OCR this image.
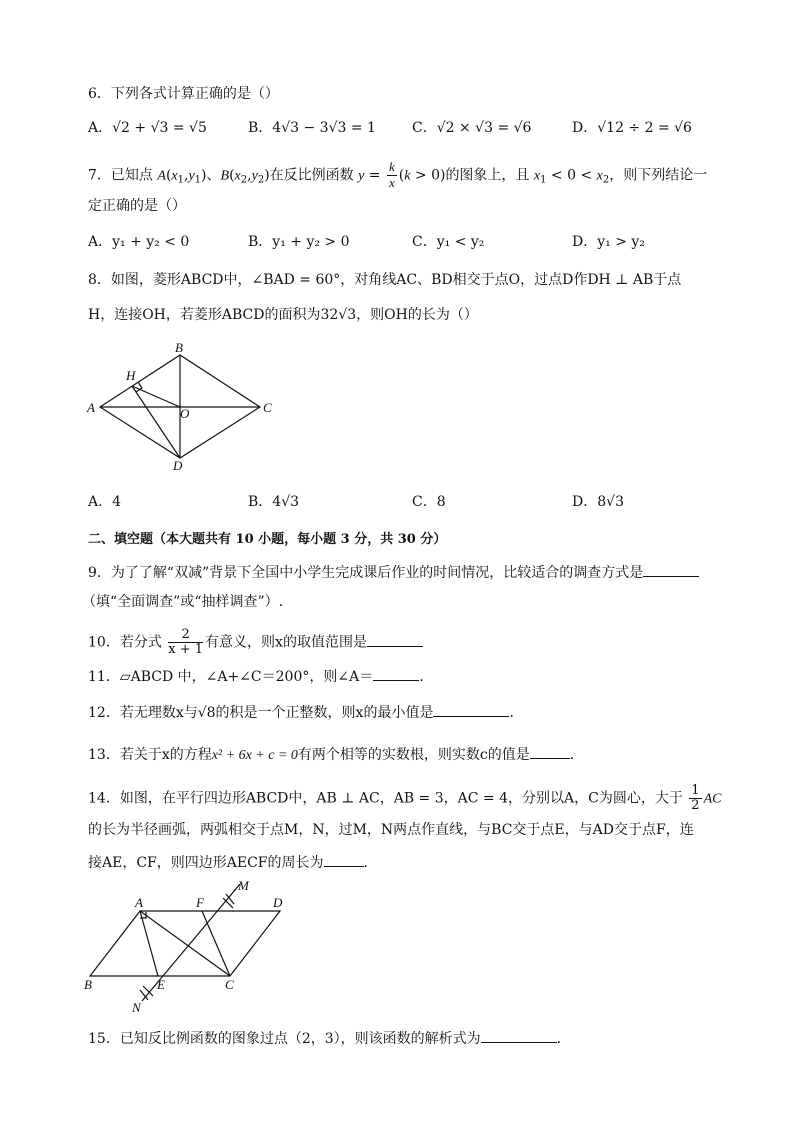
6．下列各式计算正确的是（）
A．√2 + √3 = √5	B．4√3 − 3√3 = 1	C．√2 × √3 = √6	D．√12 ÷ 2 = √6
7．已知点 $A(x_1,y_1)$、$B(x_2,y_2)$在反比例函数 $y = \frac{k}{x} (k > 0)$的图象上，且 $x_1 < 0 < x_2$，则下列结论一
定正确的是（）
A．y₁ + y₂ < 0	B．y₁ + y₂ > 0	C．y₁ < y₂	D．y₁ > y₂
8．如图，菱形ABCD中，∠BAD = 60°，对角线AC、BD相交于点O，过点D作DH ⊥ AB于点
H，连接OH，若菱形ABCD的面积为32√3，则OH的长为（）
B
H
A	O	C
D
A．4	B．4√3	C．8	D．8√3
二、填空题（本大题共有 10 小题，每小题 3 分，共 30 分）
9．为了了解“双减”背景下全国中小学生完成课后作业的时间情况，比较适合的调查方式是
（填“全面调查”或“抽样调查”）.
10．若分式 $\frac{2}{x + 1}$ 有意义，则x的取值范围是
11．▱ABCD 中，∠A+∠C＝200°，则∠A＝	.
12．若无理数x与√8的积是一个正整数，则x的最小值是	.
13．若关于x的方程x² + 6x + c = 0有两个相等的实数根，则实数c的值是	.
14．如图，在平行四边形ABCD中，AB ⊥ AC，AB = 3，AC = 4，分别以A，C为圆心，大于 $\frac{1}{2}$ AC
的长为半径画弧，两弧相交于点M，N，过M，N两点作直线，与BC交于点E，与AD交于点F，连
接AE，CF，则四边形AECF的周长为	.
M
A	F	D
B	E	C
N
15．已知反比例函数的图象过点（2，3），则该函数的解析式为	.
